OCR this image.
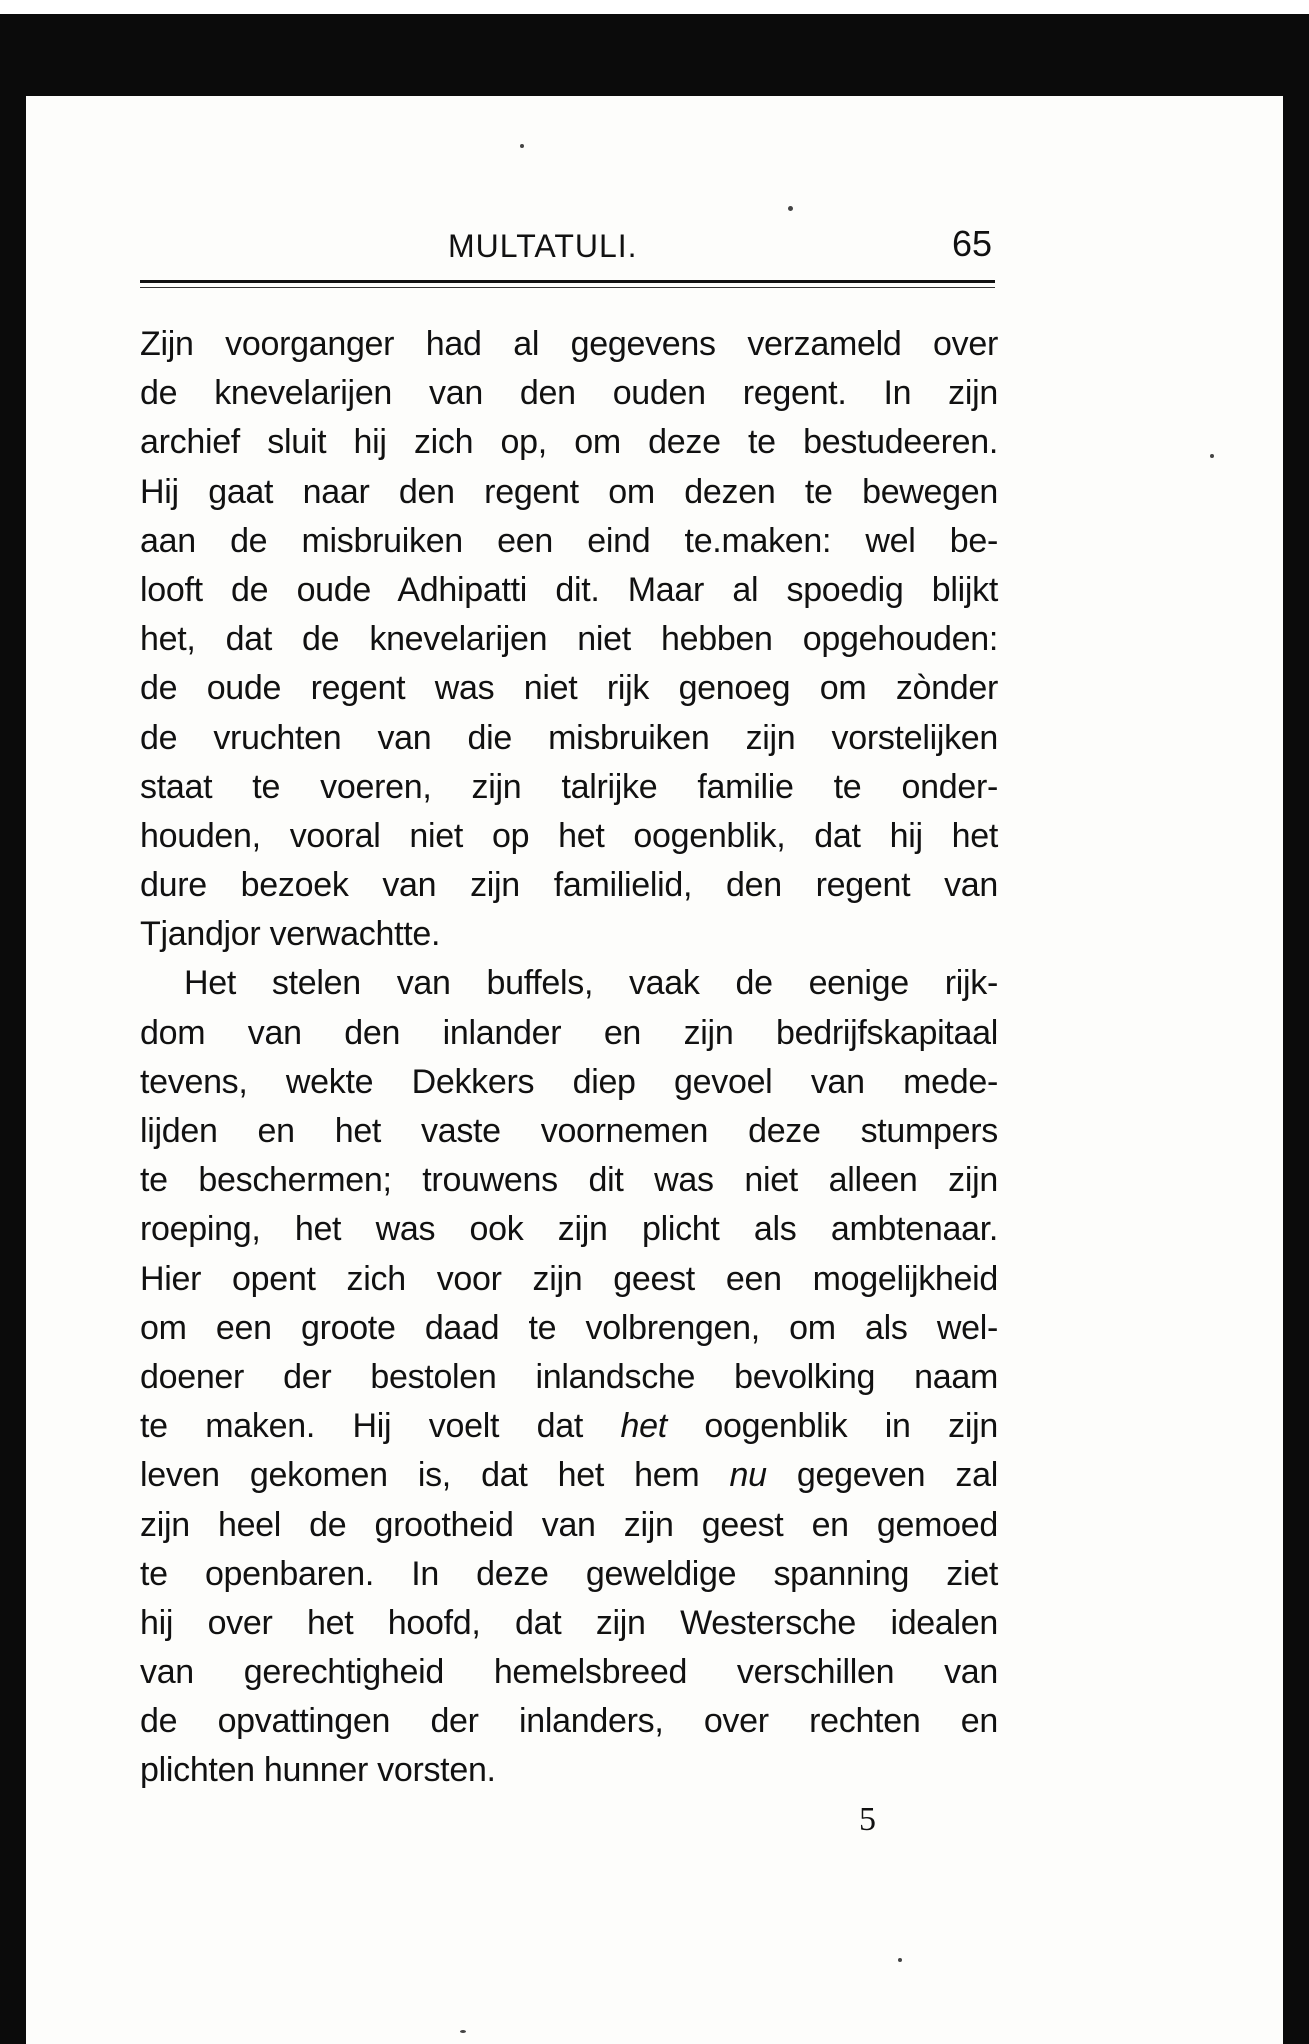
MULTATULI.	65
Zijn voorganger had al gegevens verzameld over
de knevelarijen van den ouden regent. In zijn
archief sluit hij zich op, om deze te bestudeeren.
Hij gaat naar den regent om dezen te bewegen
aan de misbruiken een eind te.maken: wel be-
looft de oude Adhipatti dit. Maar al spoedig blijkt
het, dat de knevelarijen niet hebben opgehouden:
de oude regent was niet rijk genoeg om zònder
de vruchten van die misbruiken zijn vorstelijken
staat te voeren, zijn talrijke familie te onder-
houden, vooral niet op het oogenblik, dat hij het
dure bezoek van zijn familielid, den regent van
Tjandjor verwachtte.
Het stelen van buffels, vaak de eenige rijk-
dom van den inlander en zijn bedrijfskapitaal
tevens, wekte Dekkers diep gevoel van mede-
lijden en het vaste voornemen deze stumpers
te beschermen; trouwens dit was niet alleen zijn
roeping, het was ook zijn plicht als ambtenaar.
Hier opent zich voor zijn geest een mogelijkheid
om een groote daad te volbrengen, om als wel-
doener der bestolen inlandsche bevolking naam
te maken. Hij voelt dat het oogenblik in zijn
leven gekomen is, dat het hem nu gegeven zal
zijn heel de grootheid van zijn geest en gemoed
te openbaren. In deze geweldige spanning ziet
hij over het hoofd, dat zijn Westersche idealen
van gerechtigheid hemelsbreed verschillen van
de opvattingen der inlanders, over rechten en
plichten hunner vorsten.
5
